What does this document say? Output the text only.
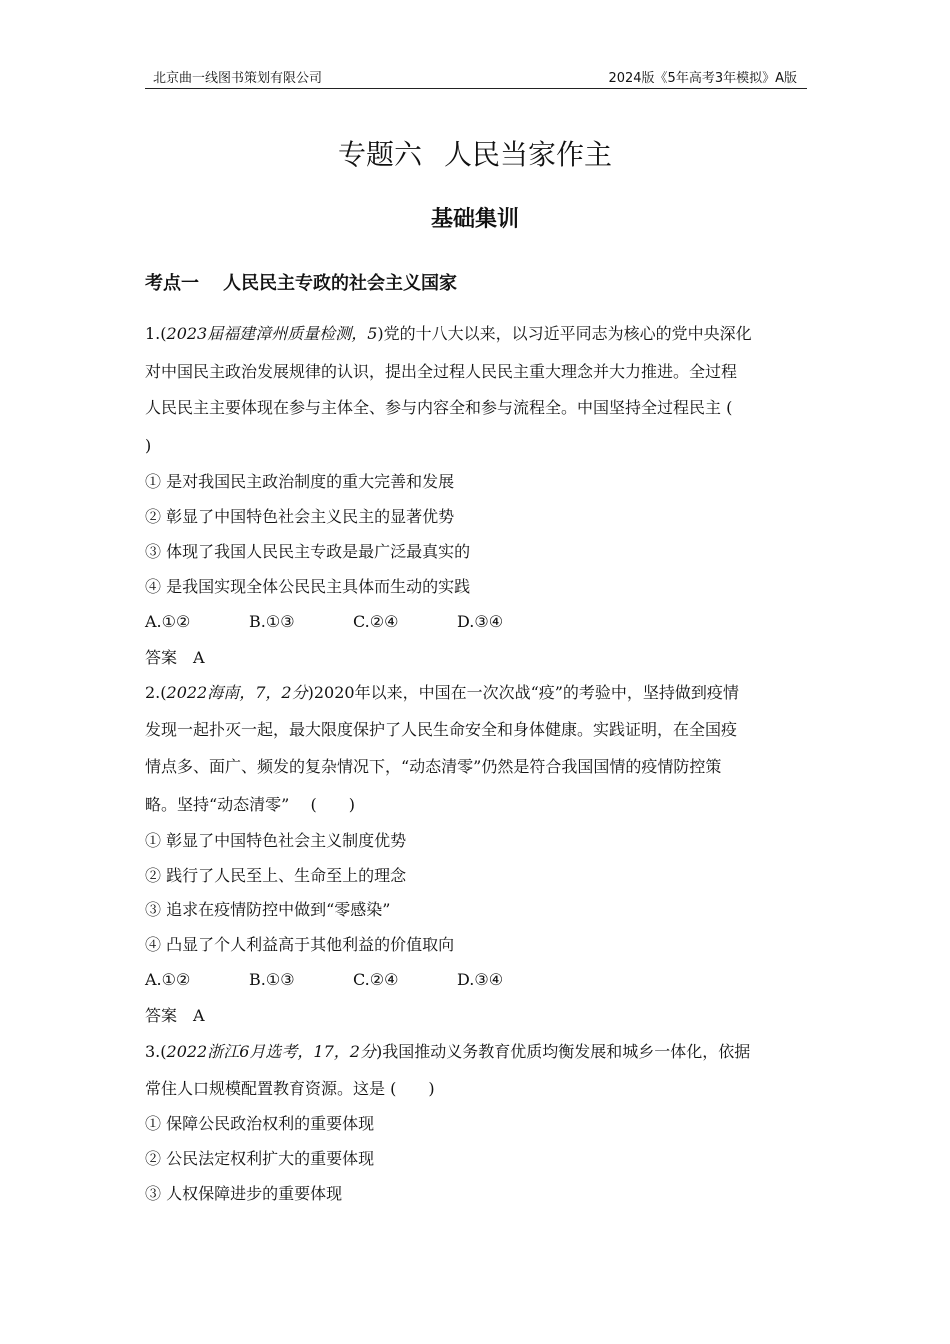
北京曲一线图书策划有限公司	2024版《5年高考3年模拟》A版
专题六 人民当家作主
基础集训
考点一 人民民主专政的社会主义国家
1.(2023届福建漳州质量检测，5)党的十八大以来，以习近平同志为核心的党中央深化
对中国民主政治发展规律的认识，提出全过程人民民主重大理念并大力推进。全过程
人民民主主要体现在参与主体全、参与内容全和参与流程全。中国坚持全过程民主 (
)
① 是对我国民主政治制度的重大完善和发展
② 彰显了中国特色社会主义民主的显著优势
③ 体现了我国人民民主专政是最广泛最真实的
④ 是我国实现全体公民民主具体而生动的实践
A.①②	B.①③	C.②④	D.③④
答案　A
2.(2022海南，7，2分)2020年以来，中国在一次次战“疫”的考验中，坚持做到疫情
发现一起扑灭一起，最大限度保护了人民生命安全和身体健康。实践证明，在全国疫
情点多、面广、频发的复杂情况下，“动态清零”仍然是符合我国国情的疫情防控策
略。坚持“动态清零”　 (　　)
① 彰显了中国特色社会主义制度优势
② 践行了人民至上、生命至上的理念
③ 追求在疫情防控中做到“零感染”
④ 凸显了个人利益高于其他利益的价值取向
A.①②	B.①③	C.②④	D.③④
答案　A
3.(2022浙江6月选考，17，2分)我国推动义务教育优质均衡发展和城乡一体化，依据
常住人口规模配置教育资源。这是 (　　)
① 保障公民政治权利的重要体现
② 公民法定权利扩大的重要体现
③ 人权保障进步的重要体现
